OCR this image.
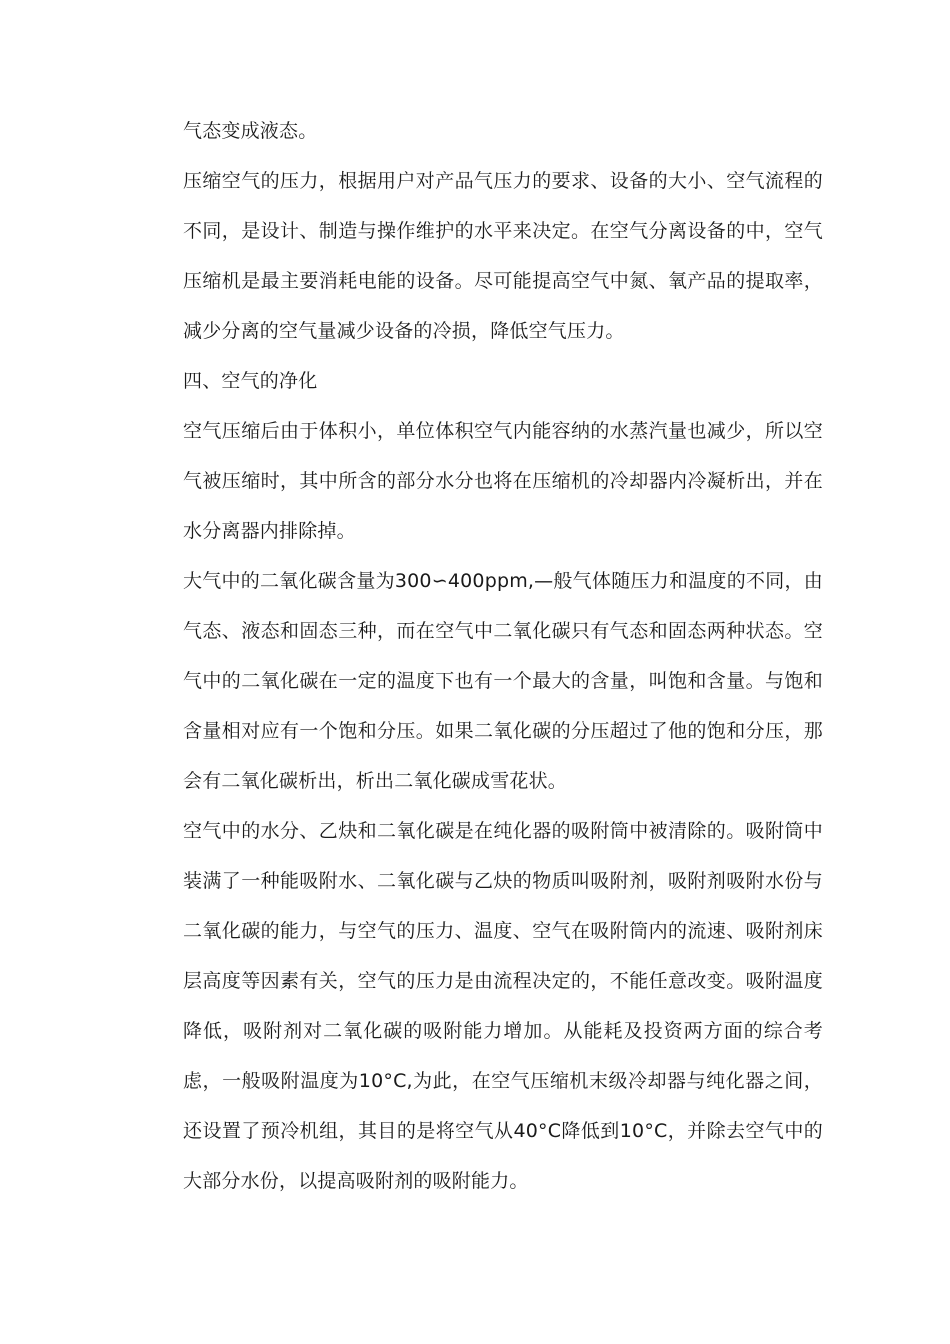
气态变成液态。

压缩空气的压力，根据用户对产品气压力的要求、设备的大小、空气流程的不同，是设计、制造与操作维护的水平来决定。在空气分离设备的中，空气压缩机是最主要消耗电能的设备。尽可能提高空气中氮、氧产品的提取率，减少分离的空气量减少设备的冷损，降低空气压力。

四、空气的净化

空气压缩后由于体积小，单位体积空气内能容纳的水蒸汽量也减少，所以空气被压缩时，其中所含的部分水分也将在压缩机的冷却器内冷凝析出，并在水分离器内排除掉。

大气中的二氧化碳含量为300∽400ppm,—般气体随压力和温度的不同，由气态、液态和固态三种，而在空气中二氧化碳只有气态和固态两种状态。空气中的二氧化碳在一定的温度下也有一个最大的含量，叫饱和含量。与饱和含量相对应有一个饱和分压。如果二氧化碳的分压超过了他的饱和分压，那会有二氧化碳析出，析出二氧化碳成雪花状。

空气中的水分、乙炔和二氧化碳是在纯化器的吸附筒中被清除的。吸附筒中装满了一种能吸附水、二氧化碳与乙炔的物质叫吸附剂，吸附剂吸附水份与二氧化碳的能力，与空气的压力、温度、空气在吸附筒内的流速、吸附剂床层高度等因素有关，空气的压力是由流程决定的，不能任意改变。吸附温度降低，吸附剂对二氧化碳的吸附能力增加。从能耗及投资两方面的综合考虑，一般吸附温度为10°C,为此，在空气压缩机末级冷却器与纯化器之间，还设置了预冷机组，其目的是将空气从40°C降低到10°C，并除去空气中的大部分水份，以提高吸附剂的吸附能力。
